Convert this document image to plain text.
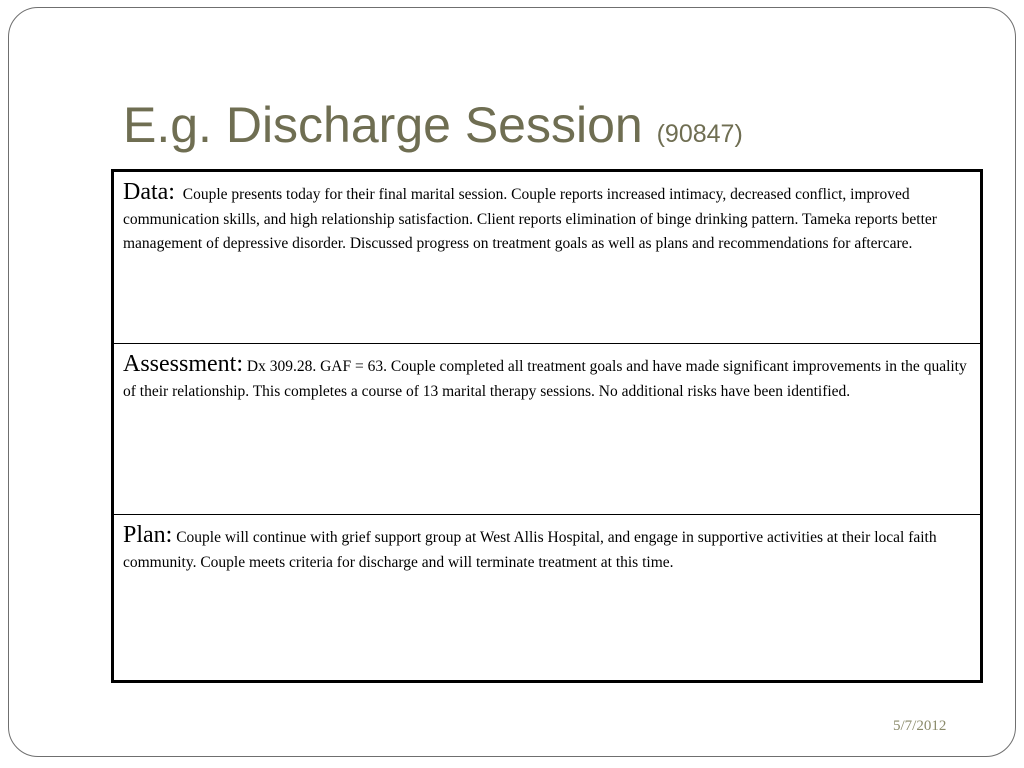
E.g. Discharge Session (90847)

Data: Couple presents today for their final marital session. Couple reports increased intimacy, decreased conflict, improved communication skills, and high relationship satisfaction. Client reports elimination of binge drinking pattern. Tameka reports better management of depressive disorder. Discussed progress on treatment goals as well as plans and recommendations for aftercare.

Assessment: Dx 309.28. GAF = 63. Couple completed all treatment goals and have made significant improvements in the quality of their relationship. This completes a course of 13 marital therapy sessions. No additional risks have been identified.

Plan: Couple will continue with grief support group at West Allis Hospital, and engage in supportive activities at their local faith community. Couple meets criteria for discharge and will terminate treatment at this time.

5/7/2012
